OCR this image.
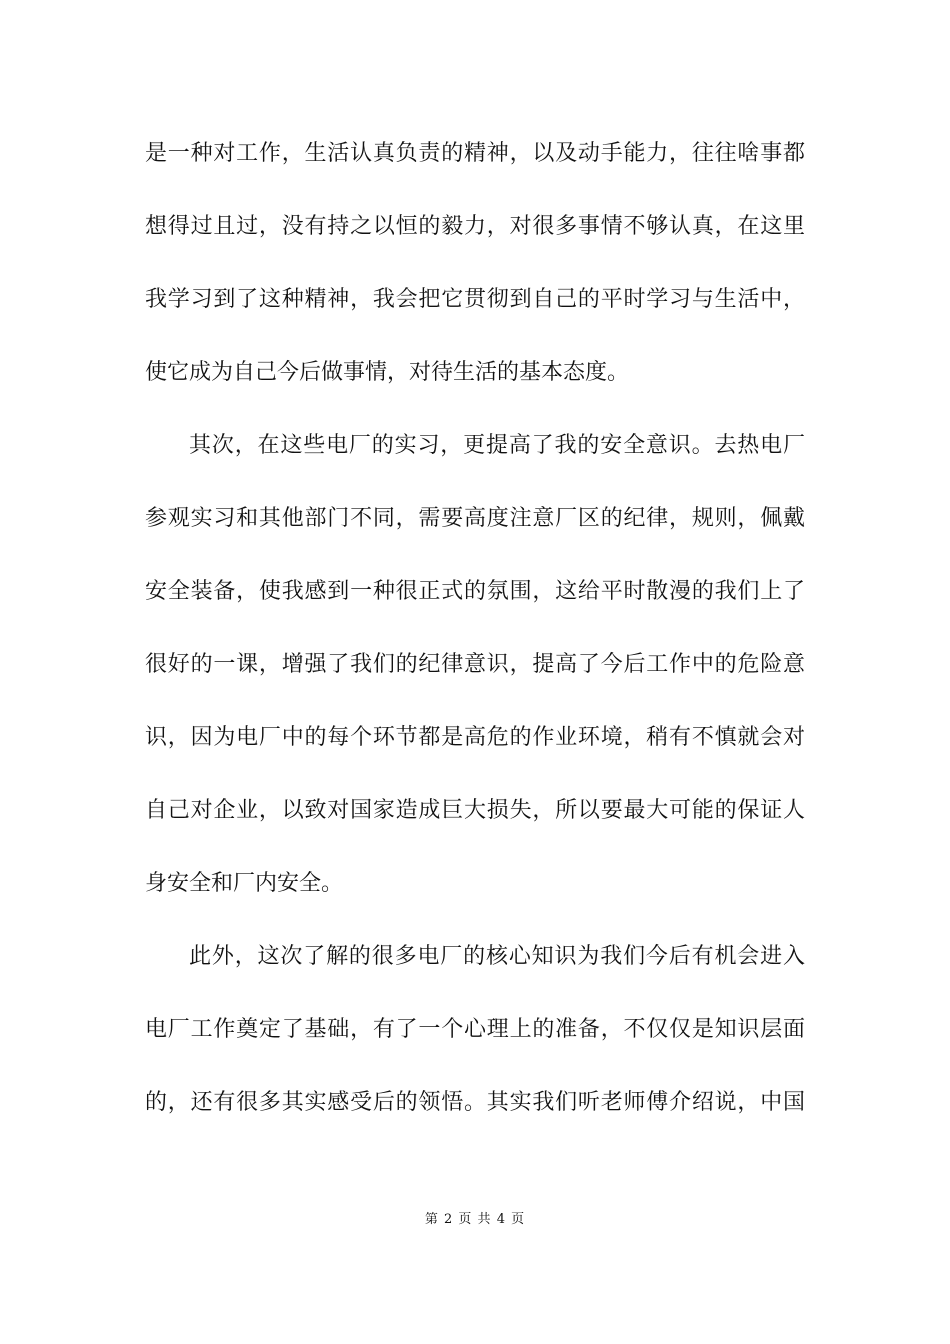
是一种对工作，生活认真负责的精神，以及动手能力，往往啥事都
想得过且过，没有持之以恒的毅力，对很多事情不够认真，在这里
我学习到了这种精神，我会把它贯彻到自己的平时学习与生活中，
使它成为自己今后做事情，对待生活的基本态度。
其次，在这些电厂的实习，更提高了我的安全意识。去热电厂
参观实习和其他部门不同，需要高度注意厂区的纪律，规则，佩戴
安全装备，使我感到一种很正式的氛围，这给平时散漫的我们上了
很好的一课，增强了我们的纪律意识，提高了今后工作中的危险意
识，因为电厂中的每个环节都是高危的作业环境，稍有不慎就会对
自己对企业，以致对国家造成巨大损失，所以要最大可能的保证人
身安全和厂内安全。
此外，这次了解的很多电厂的核心知识为我们今后有机会进入
电厂工作奠定了基础，有了一个心理上的准备，不仅仅是知识层面
的，还有很多其实感受后的领悟。其实我们听老师傅介绍说，中国
第 2 页 共 4 页
